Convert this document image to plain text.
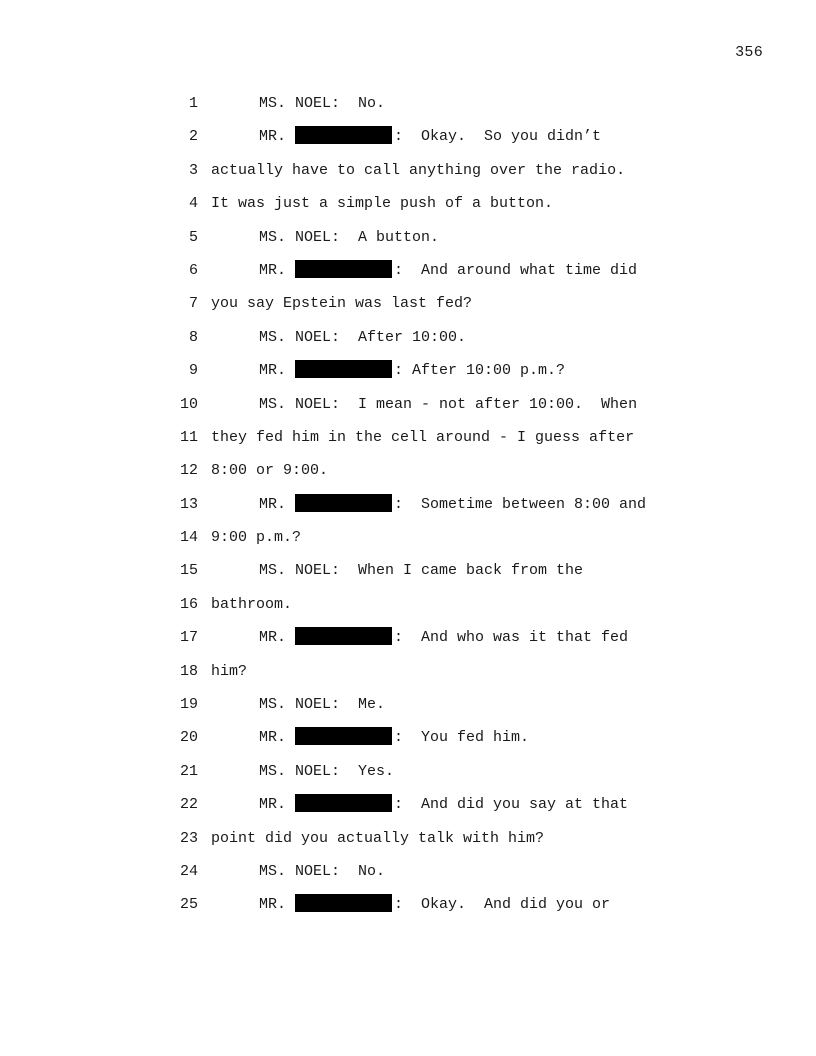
356
1	MS. NOEL:  No.
2	MR.	:  Okay.  So you didn’t
3 actually have to call anything over the radio.
4 It was just a simple push of a button.
5	MS. NOEL:  A button.
6	MR.	:  And around what time did
7 you say Epstein was last fed?
8	MS. NOEL:  After 10:00.
9	MR.	: After 10:00 p.m.?
10	MS. NOEL:  I mean - not after 10:00.  When
11 they fed him in the cell around - I guess after
12 8:00 or 9:00.
13	MR.	:  Sometime between 8:00 and
14 9:00 p.m.?
15	MS. NOEL:  When I came back from the
16 bathroom.
17	MR.	:  And who was it that fed
18 him?
19	MS. NOEL:  Me.
20	MR.	:  You fed him.
21	MS. NOEL:  Yes.
22	MR.	:  And did you say at that
23 point did you actually talk with him?
24	MS. NOEL:  No.
25	MR.	:  Okay.  And did you or
